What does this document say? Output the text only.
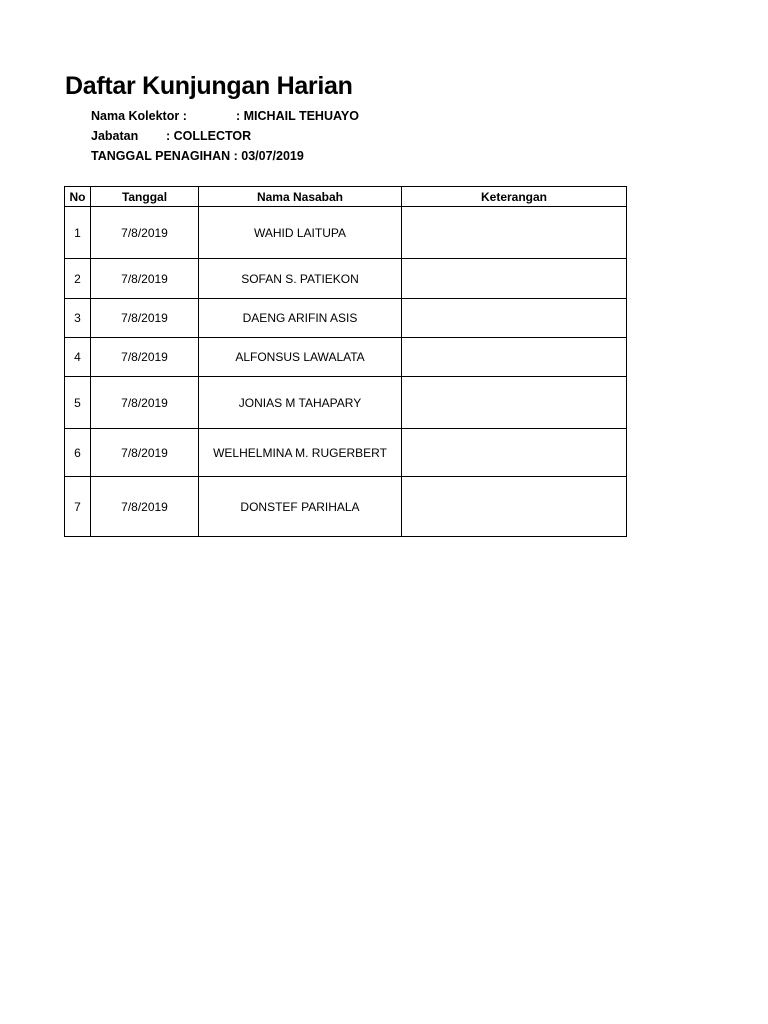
Daftar Kunjungan Harian
Nama Kolektor :	: MICHAIL TEHUAYO
Jabatan : COLLECTOR
TANGGAL PENAGIHAN : 03/07/2019
No	Tanggal	Nama Nasabah	Keterangan
1	7/8/2019	WAHID LAITUPA	
2	7/8/2019	SOFAN S. PATIEKON	
3	7/8/2019	DAENG ARIFIN ASIS	
4	7/8/2019	ALFONSUS LAWALATA	
5	7/8/2019	JONIAS M TAHAPARY	
6	7/8/2019	WELHELMINA M. RUGERBERT	
7	7/8/2019	DONSTEF PARIHALA	
